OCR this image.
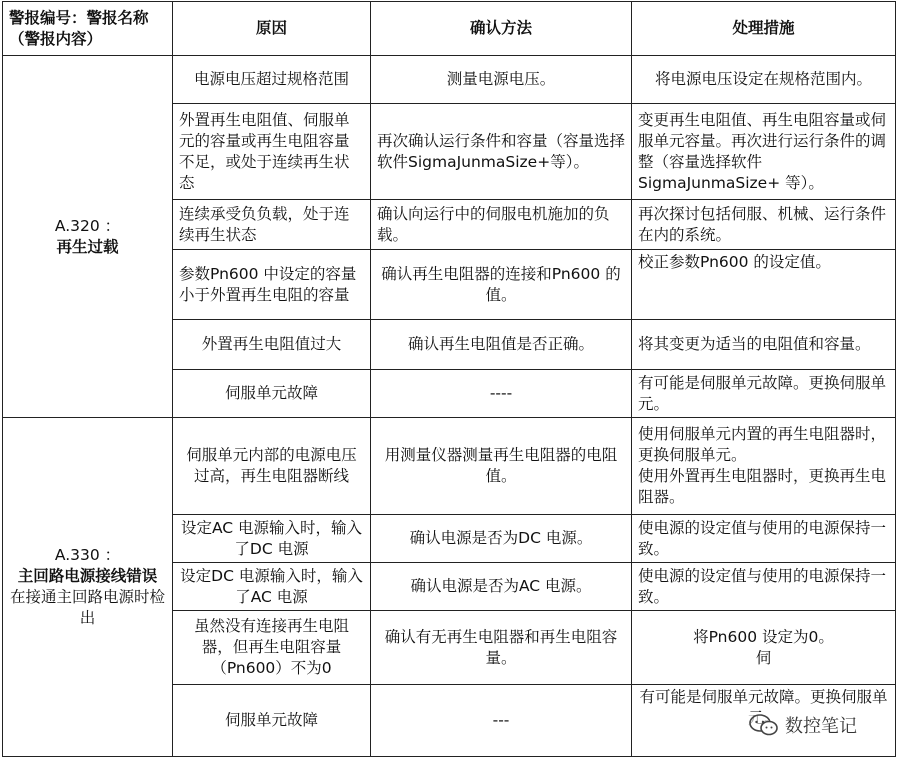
警报编号：警报名称（警报内容）	原因	确认方法	处理措施
A.320 ：
再生过载	电源电压超过规格范围	测量电源电压。	将电源电压设定在规格范围内。
	外置再生电阻值、伺服单元的容量或再生电阻容量不足，或处于连续再生状态	再次确认运行条件和容量（容量选择软件SigmaJunmaSize+等）。	变更再生电阻值、再生电阻容量或伺服单元容量。再次进行运行条件的调整（容量选择软件SigmaJunmaSize+ 等）。
	连续承受负负载，处于连续再生状态	确认向运行中的伺服电机施加的负载。	再次探讨包括伺服、机械、运行条件在内的系统。
	参数Pn600 中设定的容量小于外置再生电阻的容量	确认再生电阻器的连接和Pn600 的值。	校正参数Pn600 的设定值。
	外置再生电阻值过大	确认再生电阻值是否正确。	将其变更为适当的电阻值和容量。
	伺服单元故障	----	有可能是伺服单元故障。更换伺服单元。
A.330 ：
主回路电源接线错误
在接通主回路电源时检出	伺服单元内部的电源电压过高，再生电阻器断线	用测量仪器测量再生电阻器的电阻值。	使用伺服单元内置的再生电阻器时，更换伺服单元。
使用外置再生电阻器时，更换再生电阻器。

	设定AC 电源输入时，输入了DC 电源	确认电源是否为DC 电源。	使电源的设定值与使用的电源保持一致。
	设定DC 电源输入时，输入了AC 电源	确认电源是否为AC 电源。	使电源的设定值与使用的电源保持一致。
	虽然没有连接再生电阻器，但再生电阻容量（Pn600）不为0	确认有无再生电阻器和再生电阻容量。	将Pn600 设定为0。
伺

	伺服单元故障	---	有可能是伺服单元故障。更换伺服单
数控笔记
